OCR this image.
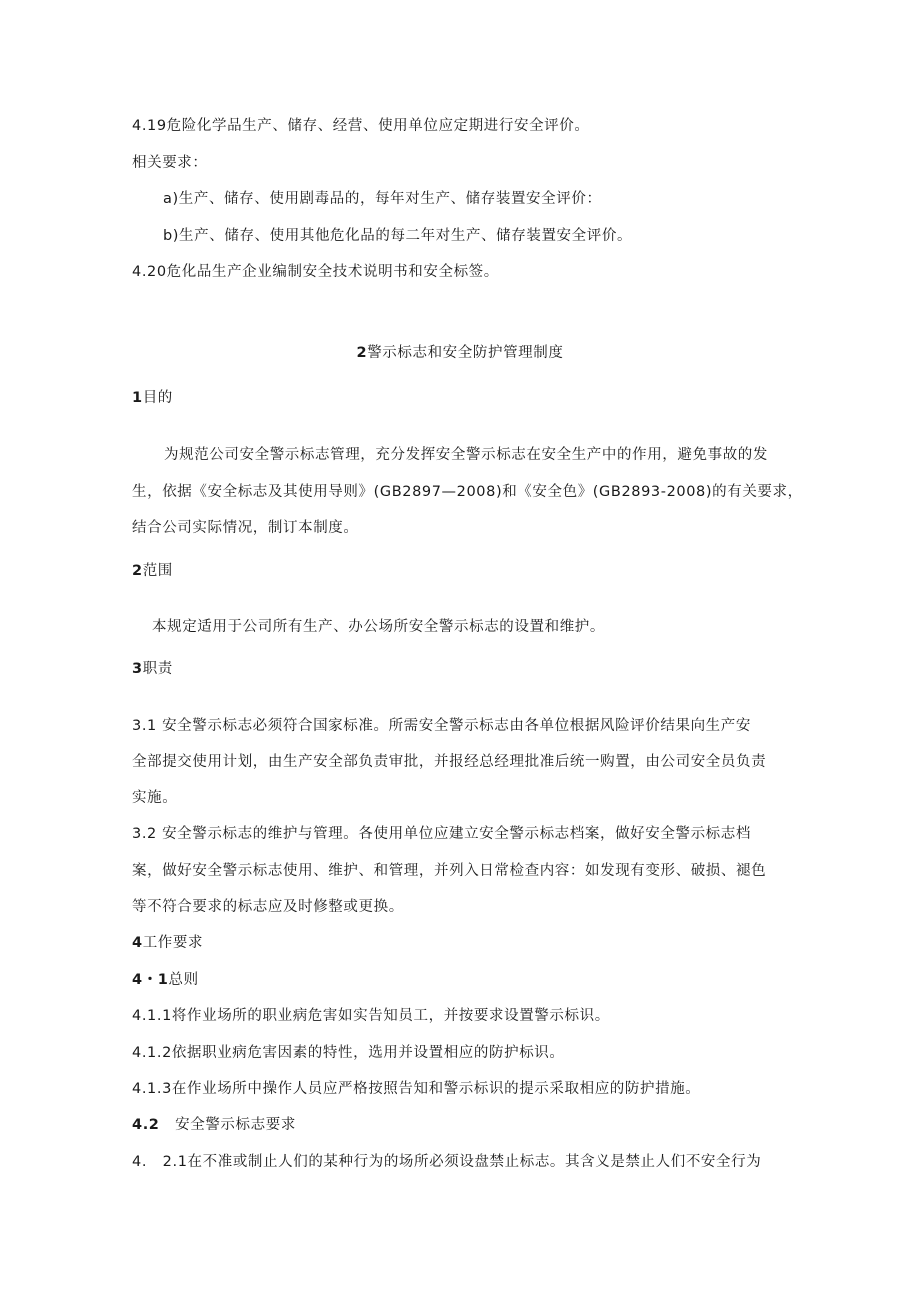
4.19危险化学品生产、储存、经营、使用单位应定期进行安全评价。
相关要求：
a)生产、储存、使用剧毒品的，每年对生产、储存装置安全评价：
b)生产、储存、使用其他危化品的每二年对生产、储存装置安全评价。
4.20危化品生产企业编制安全技术说明书和安全标签。
2警示标志和安全防护管理制度
1目的
为规范公司安全警示标志管理，充分发挥安全警示标志在安全生产中的作用，避免事故的发
生，依据《安全标志及其使用导则》(GB2897—2008)和《安全色》(GB2893-2008)的有关要求，
结合公司实际情况，制订本制度。
2范围
本规定适用于公司所有生产、办公场所安全警示标志的设置和维护。
3职责
3.1 安全警示标志必须符合国家标准。所需安全警示标志由各单位根据风险评价结果向生产安
全部提交使用计划，由生产安全部负责审批，并报经总经理批准后统一购置，由公司安全员负责
实施。
3.2 安全警示标志的维护与管理。各使用单位应建立安全警示标志档案，做好安全警示标志档
案，做好安全警示标志使用、维护、和管理，并列入日常检查内容：如发现有变形、破损、褪色
等不符合要求的标志应及时修整或更换。
4工作要求
4・1总则
4.1.1将作业场所的职业病危害如实告知员工，并按要求设置警示标识。
4.1.2依据职业病危害因素的特性，选用并设置相应的防护标识。
4.1.3在作业场所中操作人员应严格按照告知和警示标识的提示采取相应的防护措施。
4.2   安全警示标志要求
4.   2.1在不准或制止人们的某种行为的场所必须设盘禁止标志。其含义是禁止人们不安全行为
